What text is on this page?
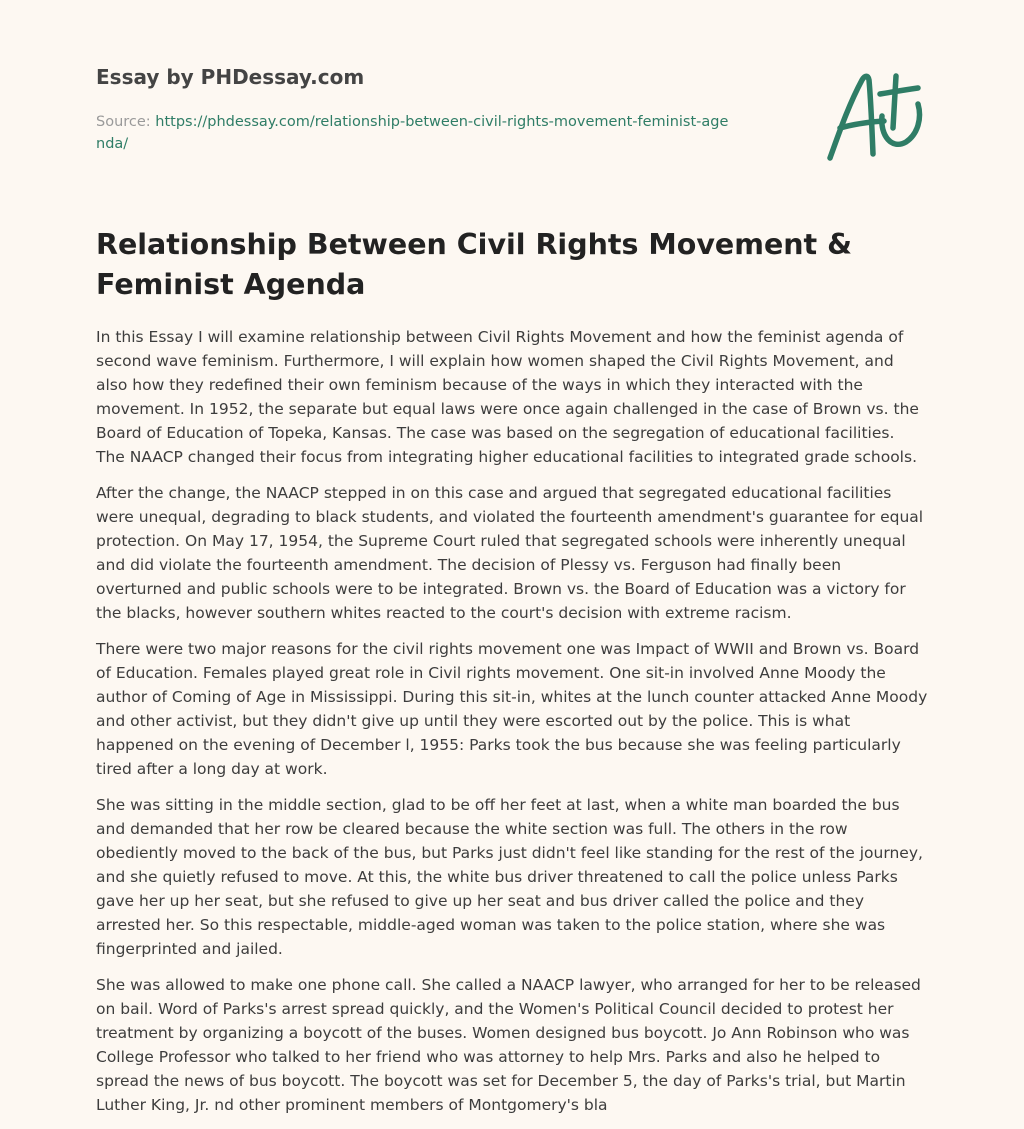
Essay by PHDessay.com

Source: https://phdessay.com/relationship-between-civil-rights-movement-feminist-agenda/

Relationship Between Civil Rights Movement & Feminist Agenda

In this Essay I will examine relationship between Civil Rights Movement and how the feminist agenda of second wave feminism. Furthermore, I will explain how women shaped the Civil Rights Movement, and also how they redefined their own feminism because of the ways in which they interacted with the movement. In 1952, the separate but equal laws were once again challenged in the case of Brown vs. the Board of Education of Topeka, Kansas. The case was based on the segregation of educational facilities. The NAACP changed their focus from integrating higher educational facilities to integrated grade schools.

After the change, the NAACP stepped in on this case and argued that segregated educational facilities were unequal, degrading to black students, and violated the fourteenth amendment's guarantee for equal protection. On May 17, 1954, the Supreme Court ruled that segregated schools were inherently unequal and did violate the fourteenth amendment. The decision of Plessy vs. Ferguson had finally been overturned and public schools were to be integrated. Brown vs. the Board of Education was a victory for the blacks, however southern whites reacted to the court's decision with extreme racism.

There were two major reasons for the civil rights movement one was Impact of WWII and Brown vs. Board of Education. Females played great role in Civil rights movement. One sit-in involved Anne Moody the author of Coming of Age in Mississippi. During this sit-in, whites at the lunch counter attacked Anne Moody and other activist, but they didn't give up until they were escorted out by the police. This is what happened on the evening of December l, 1955: Parks took the bus because she was feeling particularly tired after a long day at work.

She was sitting in the middle section, glad to be off her feet at last, when a white man boarded the bus and demanded that her row be cleared because the white section was full. The others in the row obediently moved to the back of the bus, but Parks just didn't feel like standing for the rest of the journey, and she quietly refused to move. At this, the white bus driver threatened to call the police unless Parks gave her up her seat, but she refused to give up her seat and bus driver called the police and they arrested her. So this respectable, middle-aged woman was taken to the police station, where she was fingerprinted and jailed.

She was allowed to make one phone call. She called a NAACP lawyer, who arranged for her to be released on bail. Word of Parks's arrest spread quickly, and the Women's Political Council decided to protest her treatment by organizing a boycott of the buses. Women designed bus boycott. Jo Ann Robinson who was College Professor who talked to her friend who was attorney to help Mrs. Parks and also he helped to spread the news of bus boycott. The boycott was set for December 5, the day of Parks's trial, but Martin Luther King, Jr. nd other prominent members of Montgomery's bla
